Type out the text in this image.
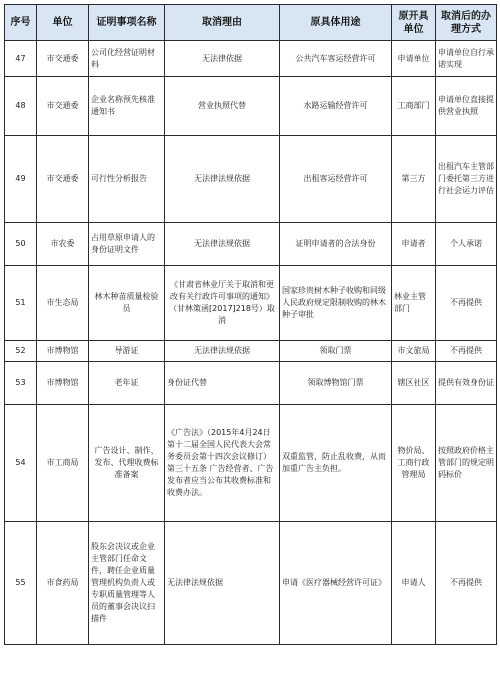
序号	单位	证明事项名称	取消理由	原具体用途	原开具单位	取消后的办理方式
47	市交通委	公司化经营证明材料	无法律依据	公共汽车客运经营许可	申请单位	申请单位自行承诺实现
48	市交通委	企业名称预先核准通知书	营业执照代替	水路运输经营许可	工商部门	申请单位直接提供营业执照
49	市交通委	可行性分析报告	无法律法规依据	出租客运经营许可	第三方	出租汽车主管部门委托第三方进行社会运力评估
50	市农委	占用草原申请人的身份证明文件	无法律法规依据	证明申请者的合法身份	申请者	个人承诺
51	市生态局	林木种苗质量检验员	《甘肃省林业厅关于取消和更改有关行政许可事项的通知》（甘林策函[2017]218号）取消	国家珍贵树木种子收购和同级人民政府规定限制收购的林木种子审批	林业主管部门	不再提供
52	市博物馆	导游证	无法律法规依据	领取门票	市文旅局	不再提供
53	市博物馆	老年证	身份证代替	领取博物馆门票	辖区社区	提供有效身份证
54	市工商局	广告设计、制作、发布、代理收费标准备案	《广告法》（2015年4月24日第十二届全国人民代表大会常务委员会第十四次会议修订）第三十五条 广告经营者、广告发布者应当公布其收费标准和收费办法。	双重监管，防止乱收费，从而加重广告主负担。	物价局、工商行政管理局	按照政府价格主管部门的规定明码标价
55	市食药局	股东会决议或企业主管部门任命文件，聘任企业质量管理机构负责人或专职质量管理等人员的董事会决议扫描件	无法律法规依据	申请《医疗器械经营许可证》	申请人	不再提供
